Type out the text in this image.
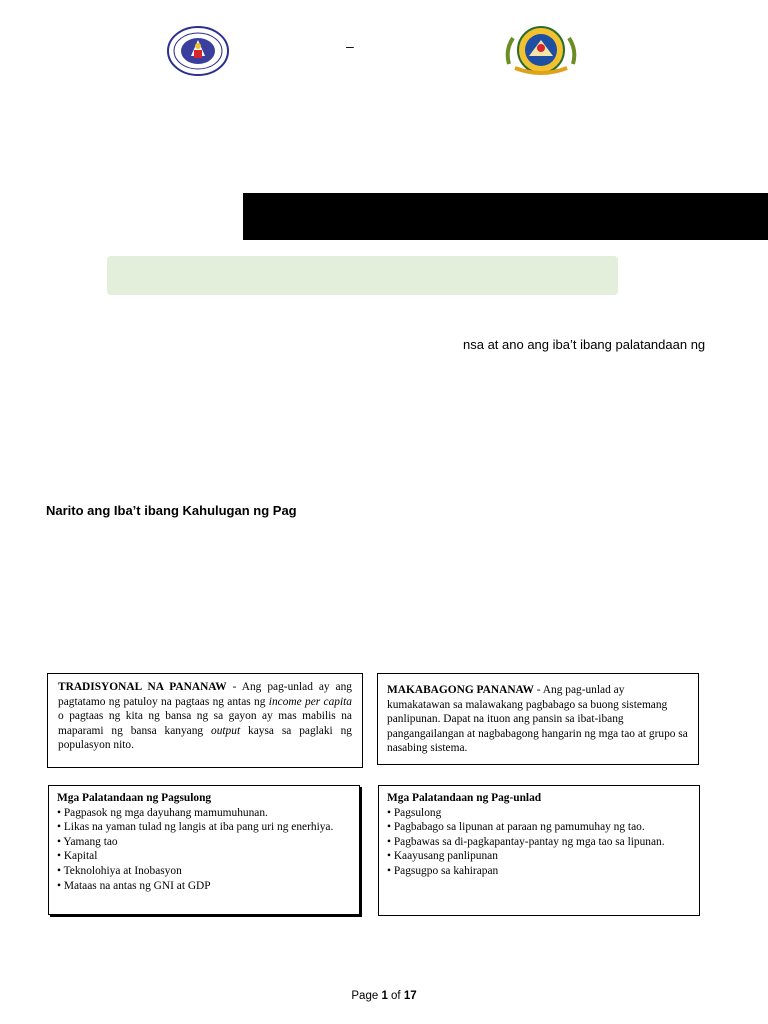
–
nsa at ano ang iba’t ibang palatandaan ng
Narito ang Iba’t ibang Kahulugan ng Pag
TRADISYONAL NA PANANAW - Ang pag-unlad ay ang pagtatamo ng patuloy na pagtaas ng antas ng income per capita o pagtaas ng kita ng bansa ng sa gayon ay mas mabilis na maparami ng bansa kanyang output kaysa sa paglaki ng populasyon nito.
MAKABAGONG PANANAW - Ang pag-unlad ay kumakatawan sa malawakang pagbabago sa buong sistemang panlipunan. Dapat na ituon ang pansin sa ibat-ibang pangangailangan at nagbabagong hangarin ng mga tao at grupo sa nasabing sistema.
Mga Palatandaan ng Pagsulong
• Pagpasok ng mga dayuhang mamumuhunan.
• Likas na yaman tulad ng langis at iba pang uri ng enerhiya.
• Yamang tao
• Kapital
• Teknolohiya at Inobasyon
• Mataas na antas ng GNI at GDP
Mga Palatandaan ng Pag-unlad
• Pagsulong
• Pagbabago sa lipunan at paraan ng pamumuhay ng tao.
• Pagbawas sa di-pagkapantay-pantay ng mga tao sa lipunan.
• Kaayusang panlipunan
• Pagsugpo sa kahirapan
Page 1 of 17
